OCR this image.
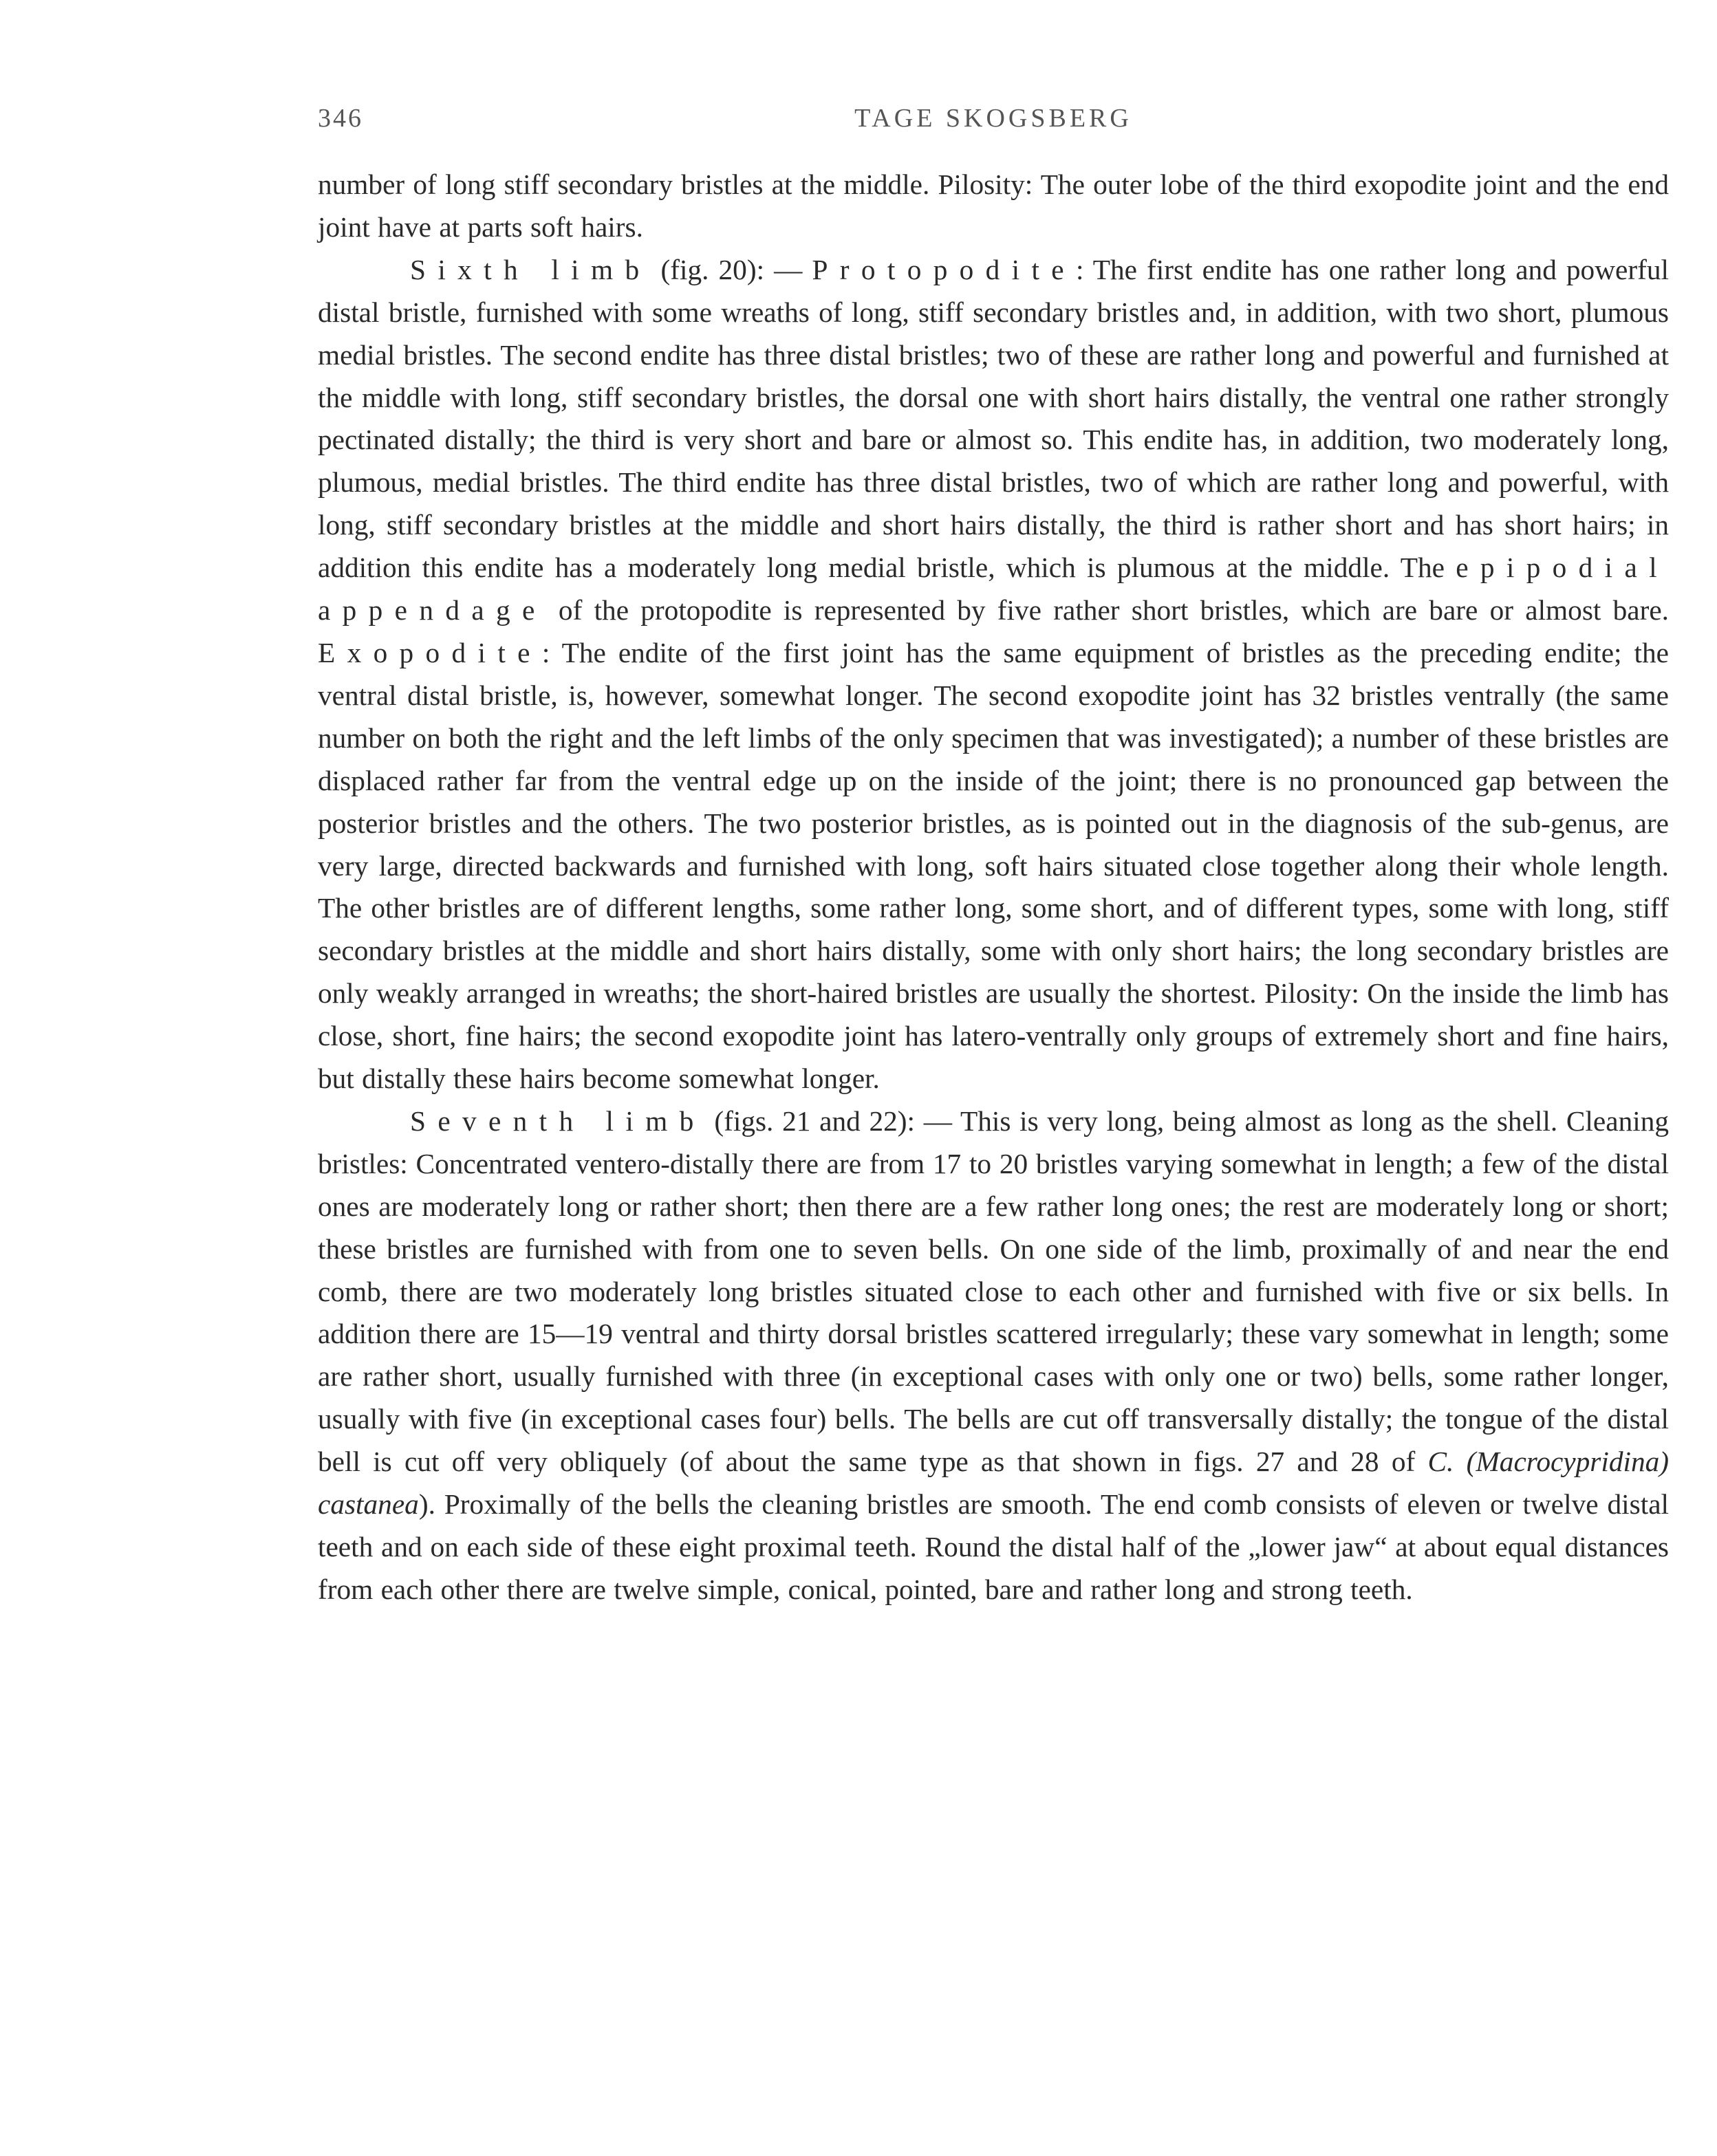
346	TAGE SKOGSBERG

number of long stiff secondary bristles at the middle. Pilosity: The outer lobe of the third exopodite joint and the end joint have at parts soft hairs.

Sixth limb (fig. 20): — Protopodite: The first endite has one rather long and powerful distal bristle, furnished with some wreaths of long, stiff secondary bristles and, in addition, with two short, plumous medial bristles. The second endite has three distal bristles; two of these are rather long and powerful and furnished at the middle with long, stiff secondary bristles, the dorsal one with short hairs distally, the ventral one rather strongly pectinated distally; the third is very short and bare or almost so. This endite has, in addition, two moderately long, plumous, medial bristles. The third endite has three distal bristles, two of which are rather long and powerful, with long, stiff secondary bristles at the middle and short hairs distally, the third is rather short and has short hairs; in addition this endite has a moderately long medial bristle, which is plumous at the middle. The epipodial appendage of the protopodite is represented by five rather short bristles, which are bare or almost bare. Exopodite: The endite of the first joint has the same equipment of bristles as the preceding endite; the ventral distal bristle, is, however, somewhat longer. The second exopodite joint has 32 bristles ventrally (the same number on both the right and the left limbs of the only specimen that was investigated); a number of these bristles are displaced rather far from the ventral edge up on the inside of the joint; there is no pronounced gap between the posterior bristles and the others. The two posterior bristles, as is pointed out in the diagnosis of the sub-genus, are very large, directed backwards and furnished with long, soft hairs situated close together along their whole length. The other bristles are of different lengths, some rather long, some short, and of different types, some with long, stiff secondary bristles at the middle and short hairs distally, some with only short hairs; the long secondary bristles are only weakly arranged in wreaths; the short-haired bristles are usually the shortest. Pilosity: On the inside the limb has close, short, fine hairs; the second exopodite joint has latero-ventrally only groups of extremely short and fine hairs, but distally these hairs become somewhat longer.

Seventh limb (figs. 21 and 22): — This is very long, being almost as long as the shell. Cleaning bristles: Concentrated ventero-distally there are from 17 to 20 bristles varying somewhat in length; a few of the distal ones are moderately long or rather short; then there are a few rather long ones; the rest are moderately long or short; these bristles are furnished with from one to seven bells. On one side of the limb, proximally of and near the end comb, there are two moderately long bristles situated close to each other and furnished with five or six bells. In addition there are 15—19 ventral and thirty dorsal bristles scattered irregularly; these vary somewhat in length; some are rather short, usually furnished with three (in exceptional cases with only one or two) bells, some rather longer, usually with five (in exceptional cases four) bells. The bells are cut off transversally distally; the tongue of the distal bell is cut off very obliquely (of about the same type as that shown in figs. 27 and 28 of C. (Macrocypridina) castanea). Proximally of the bells the cleaning bristles are smooth. The end comb consists of eleven or twelve distal teeth and on each side of these eight proximal teeth. Round the distal half of the „lower jaw“ at about equal distances from each other there are twelve simple, conical, pointed, bare and rather long and strong teeth.
